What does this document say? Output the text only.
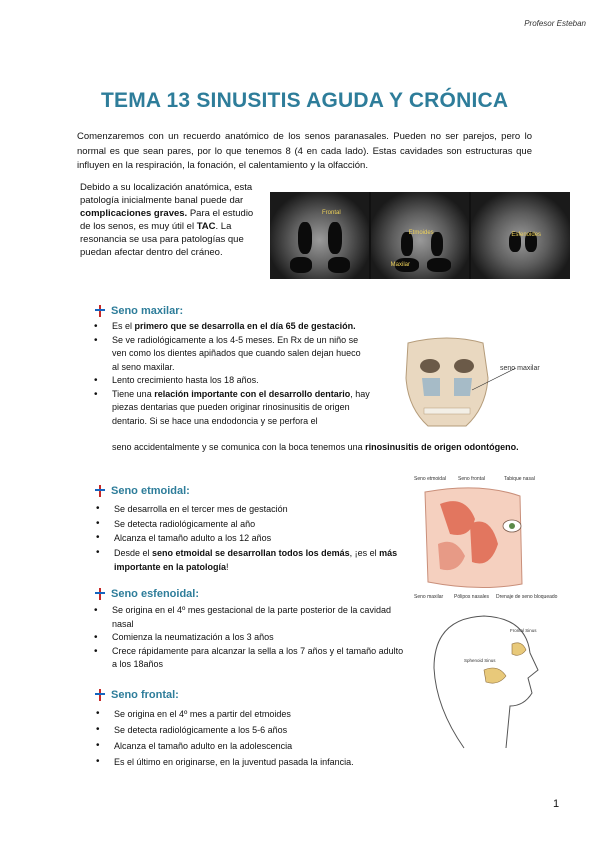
Profesor Esteban
TEMA 13 SINUSITIS AGUDA Y CRÓNICA
Comenzaremos con un recuerdo anatómico de los senos paranasales. Pueden no ser parejos, pero lo normal es que sean pares, por lo que tenemos 8 (4 en cada lado). Estas cavidades son estructuras que influyen en la respiración, la fonación, el calentamiento y la olfacción.
Debido a su localización anatómica, esta patología inicialmente banal puede dar complicaciones graves. Para el estudio de los senos, es muy útil el TAC. La resonancia se usa para patologías que puedan afectar dentro del cráneo.
Frontal
Etmoides
Maxilar
Esfenoides
Seno maxilar:
• Es el primero que se desarrolla en el día 65 de gestación.
• Se ve radiológicamente a los 4-5 meses. En Rx de un niño se ven como los dientes apiñados que cuando salen dejan hueco al seno maxilar.
• Lento crecimiento hasta los 18 años.
• Tiene una relación importante con el desarrollo dentario, hay piezas dentarias que pueden originar rinosinusitis de origen dentario. Si se hace una endodoncia y se perfora el
seno accidentalmente y se comunica con la boca tenemos una rinosinusitis de origen odontógeno.
seno maxilar
Seno etmoidal:
• Se desarrolla en el tercer mes de gestación
• Se detecta radiológicamente al año
• Alcanza el tamaño adulto a los 12 años
• Desde el seno etmoidal se desarrollan todos los demás, ¡es el más importante en la patología!
Seno etmoidal Seno frontal	Tabique nasal
Seno maxilar Pólipos nasales Drenaje de seno bloqueado
Seno esfenoidal:
• Se origina en el 4º mes gestacional de la parte posterior de la cavidad nasal
• Comienza la neumatización a los 3 años
• Crece rápidamente para alcanzar la sella a los 7 años y el tamaño adulto a los 18años
Frontal Sinus
Sphenoid Sinus
Seno frontal:
• Se origina en el 4º mes a partir del etmoides
• Se detecta radiológicamente a los 5-6 años
• Alcanza el tamaño adulto en la adolescencia
• Es el último en originarse, en la juventud pasada la infancia.
1
